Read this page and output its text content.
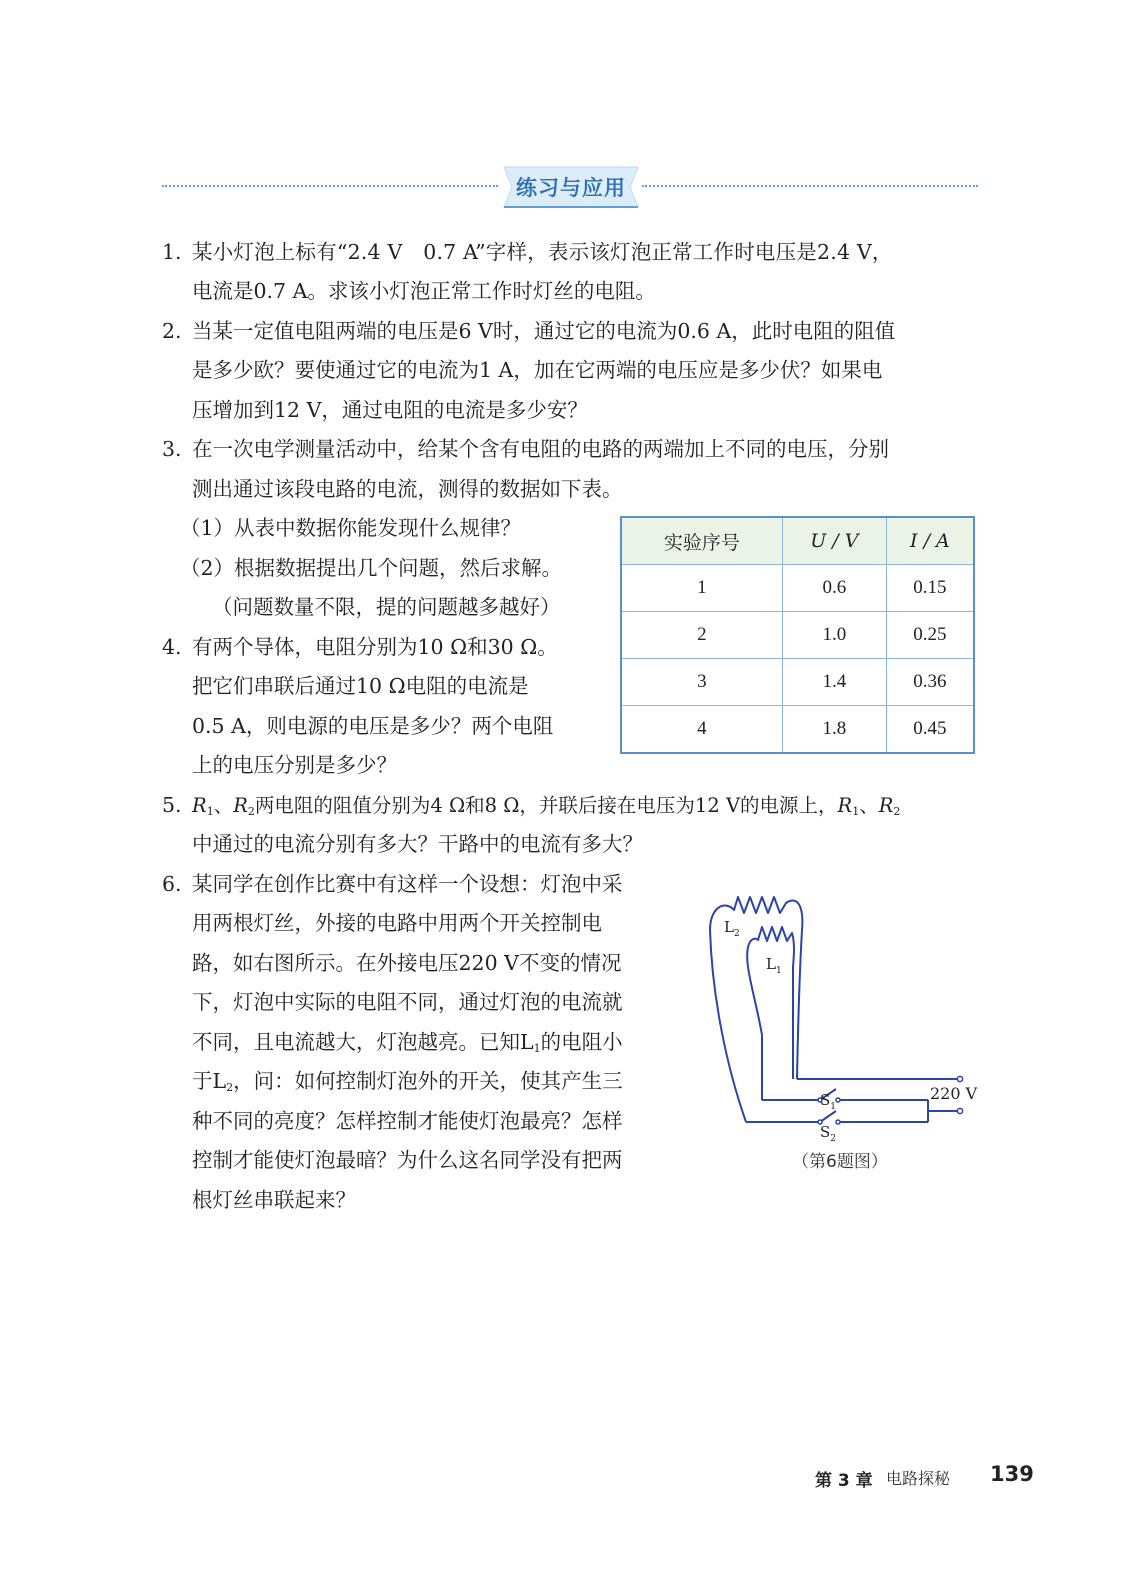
练习与应用
1. 某小灯泡上标有“2.4 V　0.7 A”字样，表示该灯泡正常工作时电压是2.4 V，
电流是0.7 A。求该小灯泡正常工作时灯丝的电阻。
2. 当某一定值电阻两端的电压是6 V时，通过它的电流为0.6 A，此时电阻的阻值
是多少欧？要使通过它的电流为1 A，加在它两端的电压应是多少伏？如果电
压增加到12 V，通过电阻的电流是多少安？
3. 在一次电学测量活动中，给某个含有电阻的电路的两端加上不同的电压，分别
测出通过该段电路的电流，测得的数据如下表。
（1）从表中数据你能发现什么规律？
（2）根据数据提出几个问题，然后求解。
（问题数量不限，提的问题越多越好）
实验序号	U / V	I / A
1	0.6	0.15
2	1.0	0.25
3	1.4	0.36
4	1.8	0.45
4. 有两个导体，电阻分别为10 Ω和30 Ω。
把它们串联后通过10 Ω电阻的电流是
0.5 A，则电源的电压是多少？两个电阻
上的电压分别是多少？
5. $R_1$、$R_2$两电阻的阻值分别为4 Ω和8 Ω，并联后接在电压为12 V的电源上，$R_1$、$R_2$
中通过的电流分别有多大？干路中的电流有多大？
6. 某同学在创作比赛中有这样一个设想：灯泡中采
用两根灯丝，外接的电路中用两个开关控制电
路，如右图所示。在外接电压220 V不变的情况
下，灯泡中实际的电阻不同，通过灯泡的电流就
不同，且电流越大，灯泡越亮。已知$L_1$的电阻小
于$L_2$，问：如何控制灯泡外的开关，使其产生三
种不同的亮度？怎样控制才能使灯泡最亮？怎样
控制才能使灯泡最暗？为什么这名同学没有把两
根灯丝串联起来？
$L_2$
$L_1$
$S_1$
$S_2$
220 V
（第6题图）
第 3 章 电路探秘 139
